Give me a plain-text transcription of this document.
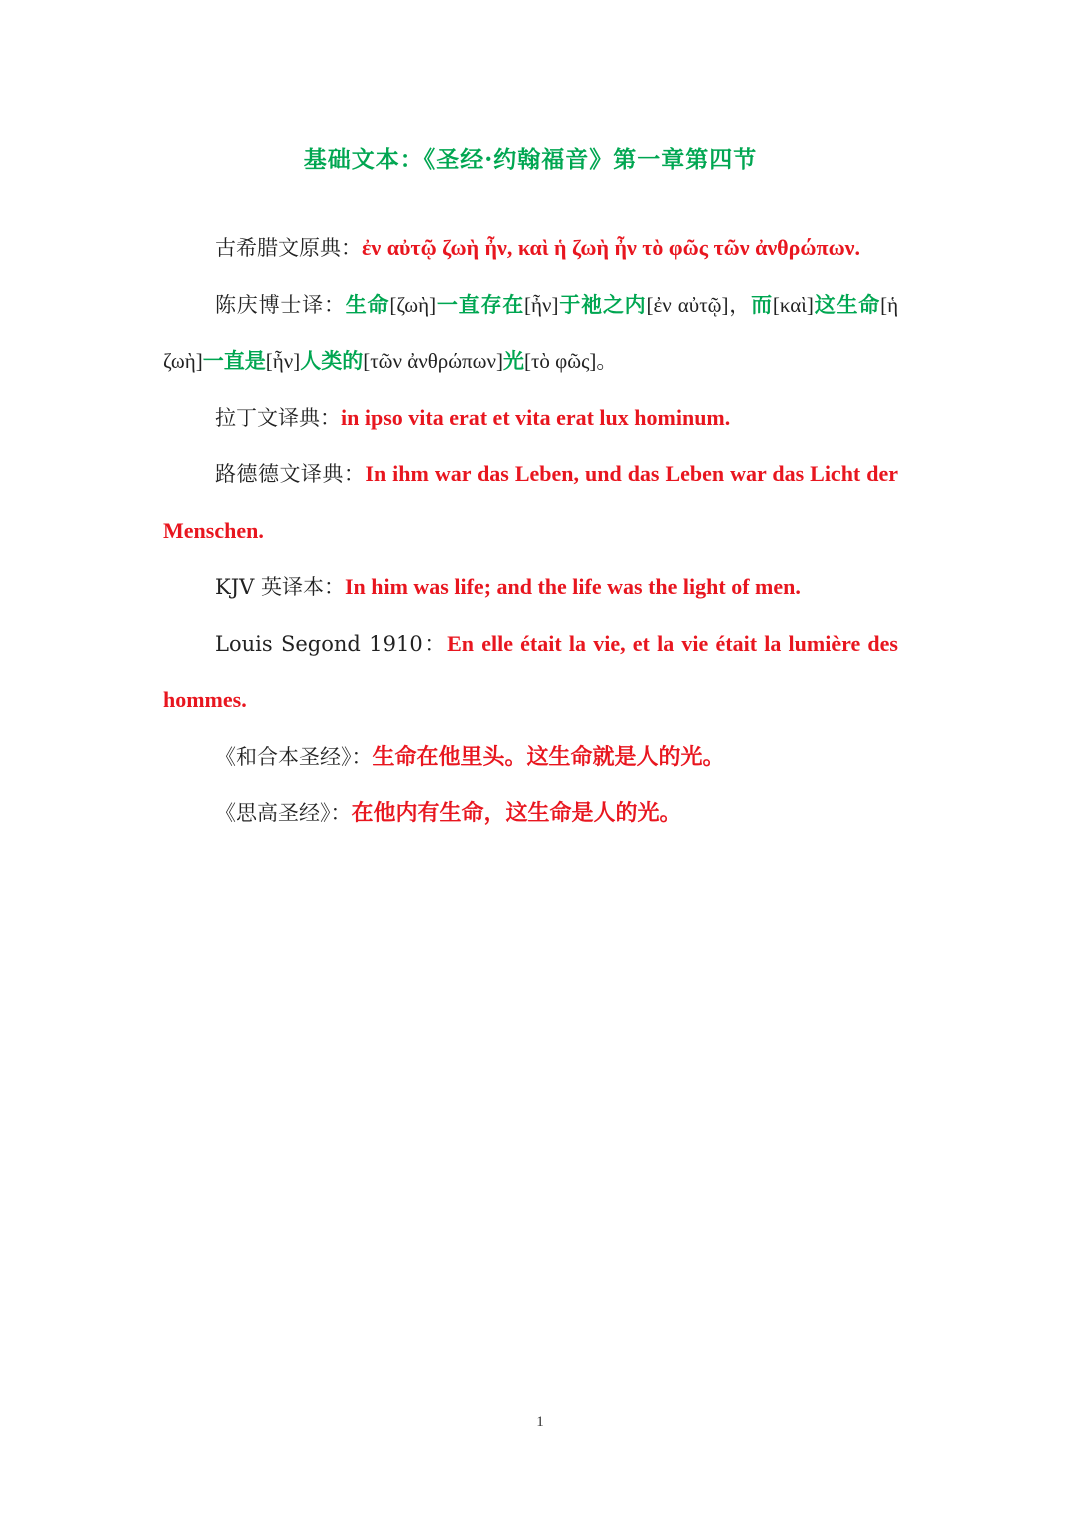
基础文本：《圣经·约翰福音》第一章第四节

古希腊文原典：ἐν αὐτῷ ζωὴ ἦν, καὶ ἡ ζωὴ ἦν τὸ φῶς τῶν ἀνθρώπων.

陈庆博士译：生命[ζωὴ]一直存在[ἦν]于祂之内[ἐν αὐτῷ]，而[καὶ]这生命[ἡ ζωὴ]一直是[ἦν]人类的[τῶν ἀνθρώπων]光[τὸ φῶς]。

拉丁文译典：in ipso vita erat et vita erat lux hominum.

路德德文译典：In ihm war das Leben, und das Leben war das Licht der Menschen.

KJV 英译本：In him was life; and the life was the light of men.

Louis Segond 1910：En elle était la vie, et la vie était la lumière des hommes.

《和合本圣经》：生命在他里头。这生命就是人的光。

《思高圣经》：在他内有生命，这生命是人的光。

1
